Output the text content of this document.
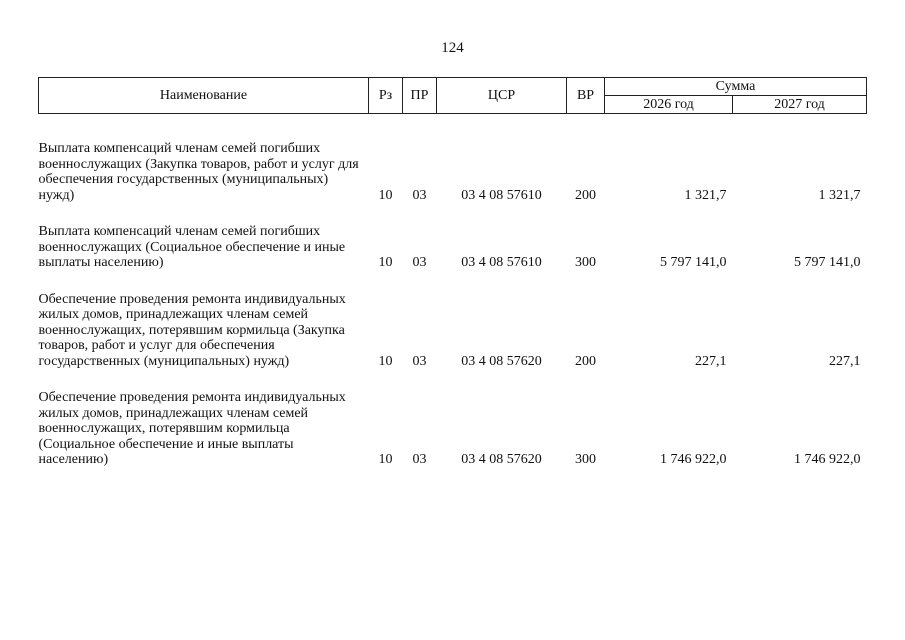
124
Наименование	Рз	ПР	ЦСР	ВР	Сумма	
					2026 год	2027 год

Выплата компенсаций членам семей погибших военнослужащих (Закупка товаров, работ и услуг для обеспечения государственных (муниципальных) нужд)	10	03	03 4 08 57610	200	1 321,7	1 321,7

Выплата компенсаций членам семей погибших военнослужащих (Социальное обеспечение и иные выплаты населению)	10	03	03 4 08 57610	300	5 797 141,0	5 797 141,0

Обеспечение проведения ремонта индивидуальных жилых домов, принадлежащих членам семей военнослужащих, потерявшим кормильца (Закупка товаров, работ и услуг для обеспечения государственных (муниципальных) нужд)	10	03	03 4 08 57620	200	227,1	227,1

Обеспечение проведения ремонта индивидуальных жилых домов, принадлежащих членам семей военнослужащих, потерявшим кормильца (Социальное обеспечение и иные выплаты населению)	10	03	03 4 08 57620	300	1 746 922,0	1 746 922,0
